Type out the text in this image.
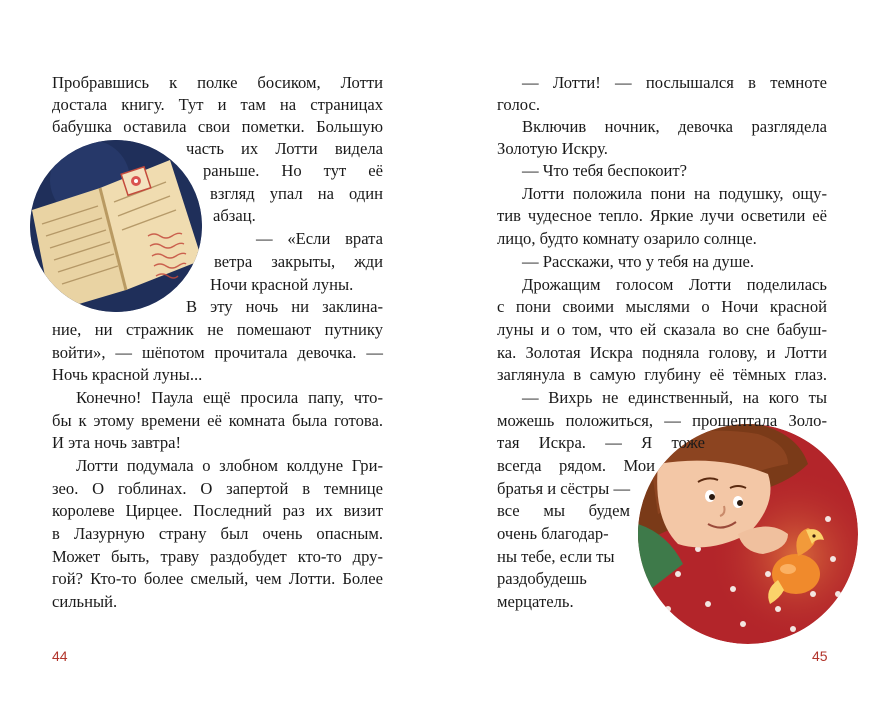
Пробравшись к полке босиком, Лотти
достала книгу. Тут и там на страницах
бабушка оставила свои пометки. Большую
часть их Лотти видела
раньше. Но тут её
взгляд упал на один
абзац.
— «Если врата
ветра закрыты, жди
Ночи красной луны.
В эту ночь ни заклина-
ние, ни стражник не помешают путнику
войти», — шёпотом прочитала девочка. —
Ночь красной луны...
Конечно! Паула ещё просила папу, что-
бы к этому времени её комната была готова.
И эта ночь завтра!
Лотти подумала о злобном колдуне Гри-
зео. О гоблинах. О запертой в темнице
королеве Цирцее. Последний раз их визит
в Лазурную страну был очень опасным.
Может быть, траву раздобудет кто-то дру-
гой? Кто-то более смелый, чем Лотти. Более
сильный.
44
— Лотти! — послышался в темноте
голос.
Включив ночник, девочка разглядела
Золотую Искру.
— Что тебя беспокоит?
Лотти положила пони на подушку, ощу-
тив чудесное тепло. Яркие лучи осветили её
лицо, будто комнату озарило солнце.
— Расскажи, что у тебя на душе.
Дрожащим голосом Лотти поделилась
с пони своими мыслями о Ночи красной
луны и о том, что ей сказала во сне бабуш-
ка. Золотая Искра подняла голову, и Лотти
заглянула в самую глубину её тёмных глаз.
— Вихрь не единственный, на кого ты
можешь положиться, — прошептала Золо-
тая Искра. — Я тоже
всегда рядом. Мои
братья и сёстры —
все мы будем
очень благодар-
ны тебе, если ты
раздобудешь
мерцатель.
45
